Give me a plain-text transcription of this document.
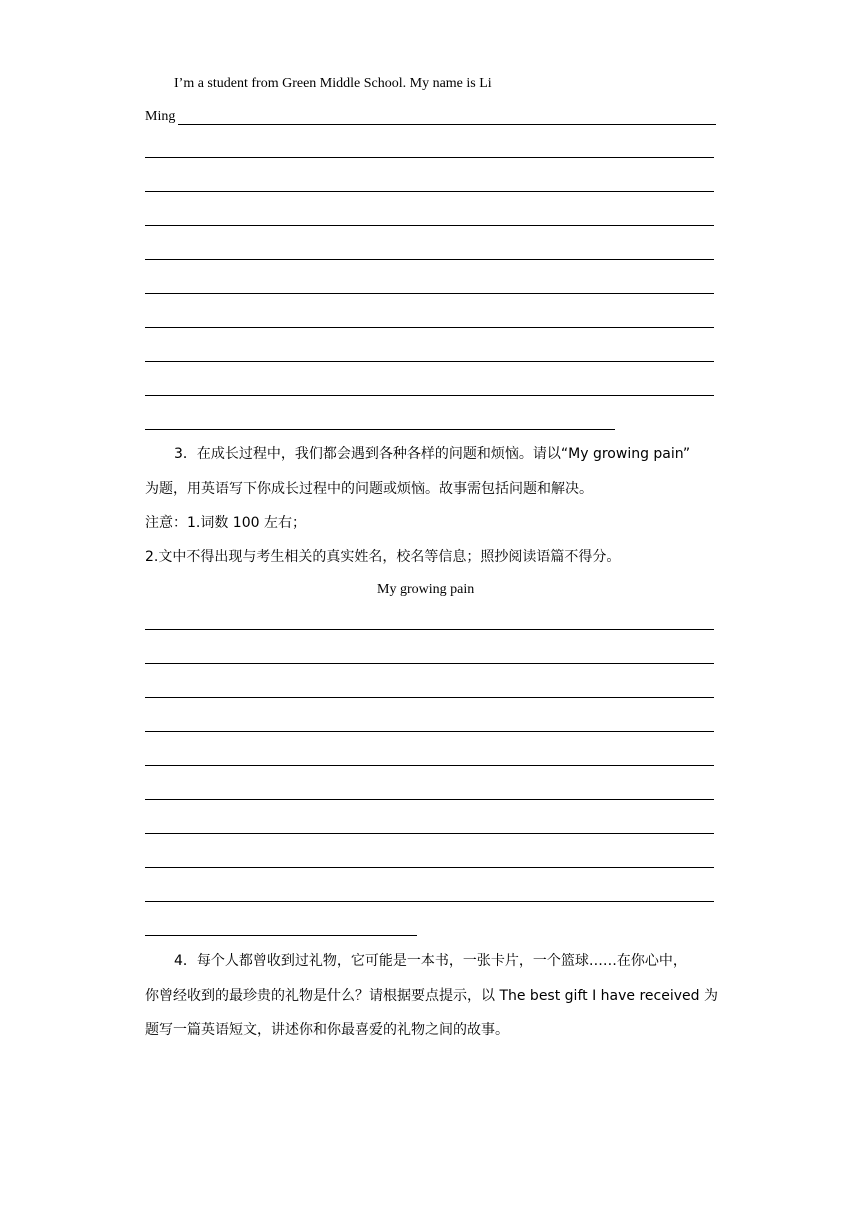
I’m a student from Green Middle School. My name is Li
Ming
3．在成长过程中，我们都会遇到各种各样的问题和烦恼。请以“My growing pain”
为题，用英语写下你成长过程中的问题或烦恼。故事需包括问题和解决。
注意：1.词数 100 左右；
2.文中不得出现与考生相关的真实姓名，校名等信息；照抄阅读语篇不得分。
My growing pain
4．每个人都曾收到过礼物，它可能是一本书，一张卡片，一个篮球……在你心中，
你曾经收到的最珍贵的礼物是什么？请根据要点提示，以 The best gift I have received 为
题写一篇英语短文，讲述你和你最喜爱的礼物之间的故事。
